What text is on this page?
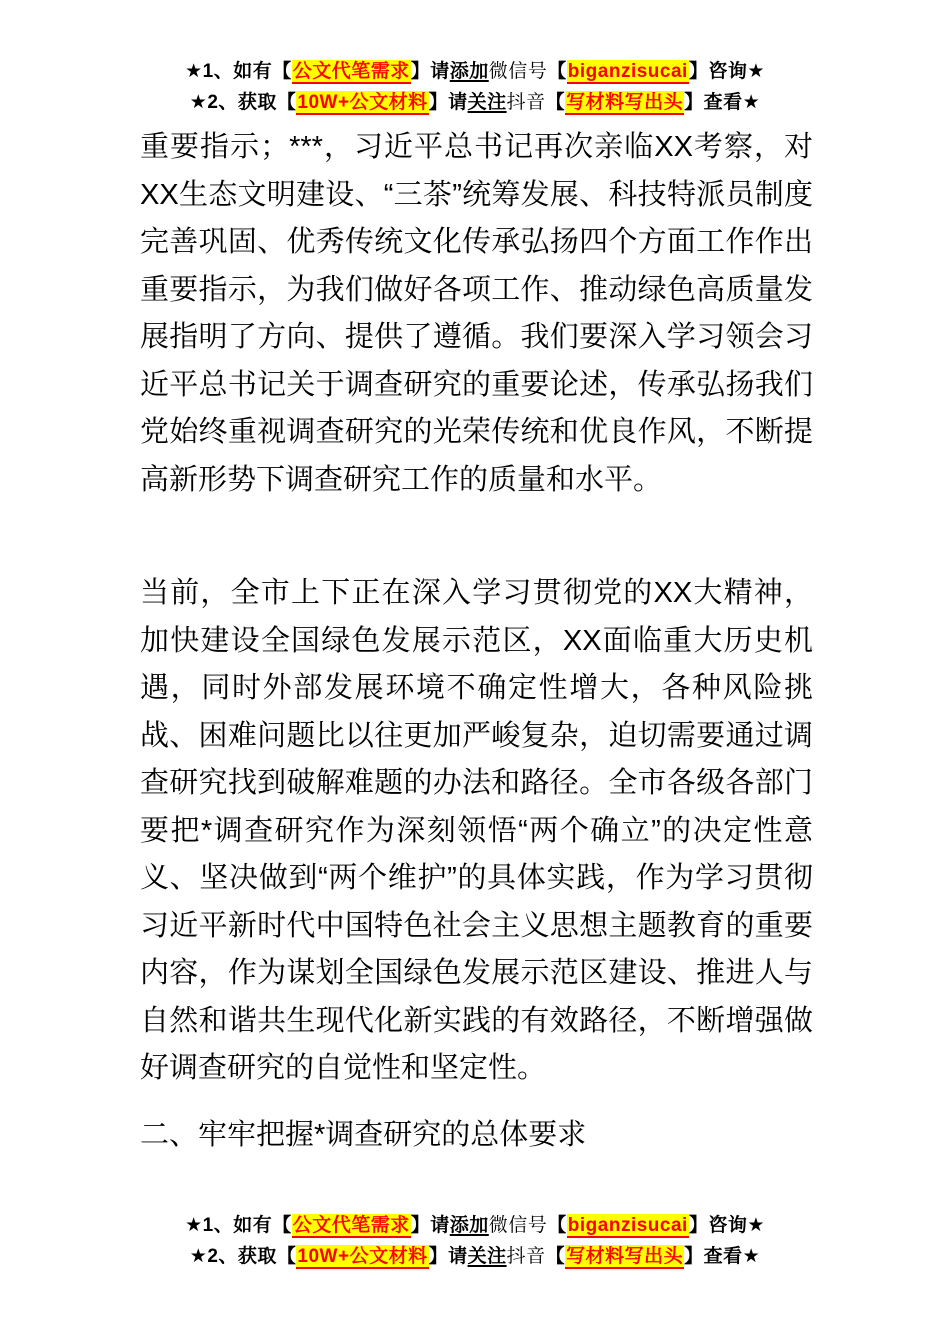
★1、如有【公文代笔需求】请添加微信号【biganzisucai】咨询★
★2、获取【10W+公文材料】请关注抖音【写材料写出头】查看★

重要指示；***，习近平总书记再次亲临XX考察，对XX生态文明建设、“三茶”统筹发展、科技特派员制度完善巩固、优秀传统文化传承弘扬四个方面工作作出重要指示，为我们做好各项工作、推动绿色高质量发展指明了方向、提供了遵循。我们要深入学习领会习近平总书记关于调查研究的重要论述，传承弘扬我们党始终重视调查研究的光荣传统和优良作风，不断提高新形势下调查研究工作的质量和水平。

当前，全市上下正在深入学习贯彻党的XX大精神，加快建设全国绿色发展示范区，XX面临重大历史机遇，同时外部发展环境不确定性增大，各种风险挑战、困难问题比以往更加严峻复杂，迫切需要通过调查研究找到破解难题的办法和路径。全市各级各部门要把*调查研究作为深刻领悟“两个确立”的决定性意义、坚决做到“两个维护”的具体实践，作为学习贯彻习近平新时代中国特色社会主义思想主题教育的重要内容，作为谋划全国绿色发展示范区建设、推进人与自然和谐共生现代化新实践的有效路径，不断增强做好调查研究的自觉性和坚定性。

二、牢牢把握*调查研究的总体要求
★1、如有【公文代笔需求】请添加微信号【biganzisucai】咨询★
★2、获取【10W+公文材料】请关注抖音【写材料写出头】查看★
